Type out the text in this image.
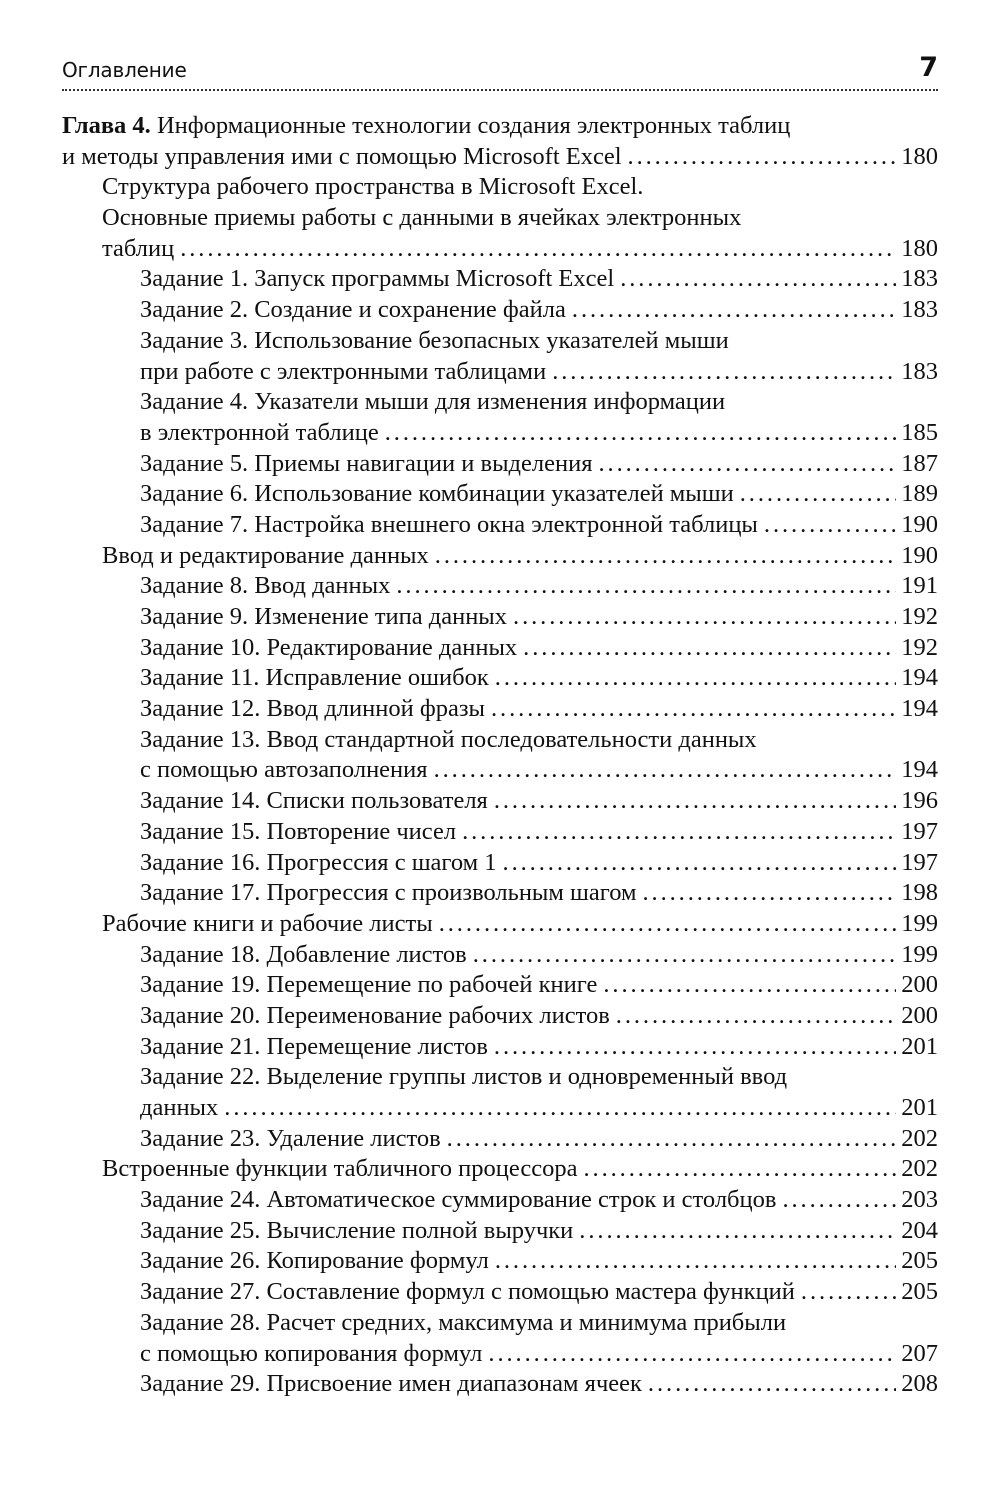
Оглавление	7
Глава 4. Информационные технологии создания электронных таблиц
и методы управления ими с помощью Microsoft Excel . . .	180
Структура рабочего пространства в Microsoft Excel.
Основные приемы работы с данными в ячейках электронных
таблиц . . .	180
Задание 1. Запуск программы Microsoft Excel . . .	183
Задание 2. Создание и сохранение файла . . .	183
Задание 3. Использование безопасных указателей мыши
при работе с электронными таблицами . . .	183
Задание 4. Указатели мыши для изменения информации
в электронной таблице . . .	185
Задание 5. Приемы навигации и выделения . . .	187
Задание 6. Использование комбинации указателей мыши . . .	189
Задание 7. Настройка внешнего окна электронной таблицы . . .	190
Ввод и редактирование данных . . .	190
Задание 8. Ввод данных . . .	191
Задание 9. Изменение типа данных . . .	192
Задание 10. Редактирование данных . . .	192
Задание 11. Исправление ошибок . . .	194
Задание 12. Ввод длинной фразы . . .	194
Задание 13. Ввод стандартной последовательности данных
с помощью автозаполнения . . .	194
Задание 14. Списки пользователя . . .	196
Задание 15. Повторение чисел . . .	197
Задание 16. Прогрессия с шагом 1 . . .	197
Задание 17. Прогрессия с произвольным шагом . . .	198
Рабочие книги и рабочие листы . . .	199
Задание 18. Добавление листов . . .	199
Задание 19. Перемещение по рабочей книге . . .	200
Задание 20. Переименование рабочих листов . . .	200
Задание 21. Перемещение листов . . .	201
Задание 22. Выделение группы листов и одновременный ввод
данных . . .	201
Задание 23. Удаление листов . . .	202
Встроенные функции табличного процессора . . .	202
Задание 24. Автоматическое суммирование строк и столбцов . . .	203
Задание 25. Вычисление полной выручки . . .	204
Задание 26. Копирование формул . . .	205
Задание 27. Составление формул с помощью мастера функций . . .	205
Задание 28. Расчет средних, максимума и минимума прибыли
с помощью копирования формул . . .	207
Задание 29. Присвоение имен диапазонам ячеек . . .	208
